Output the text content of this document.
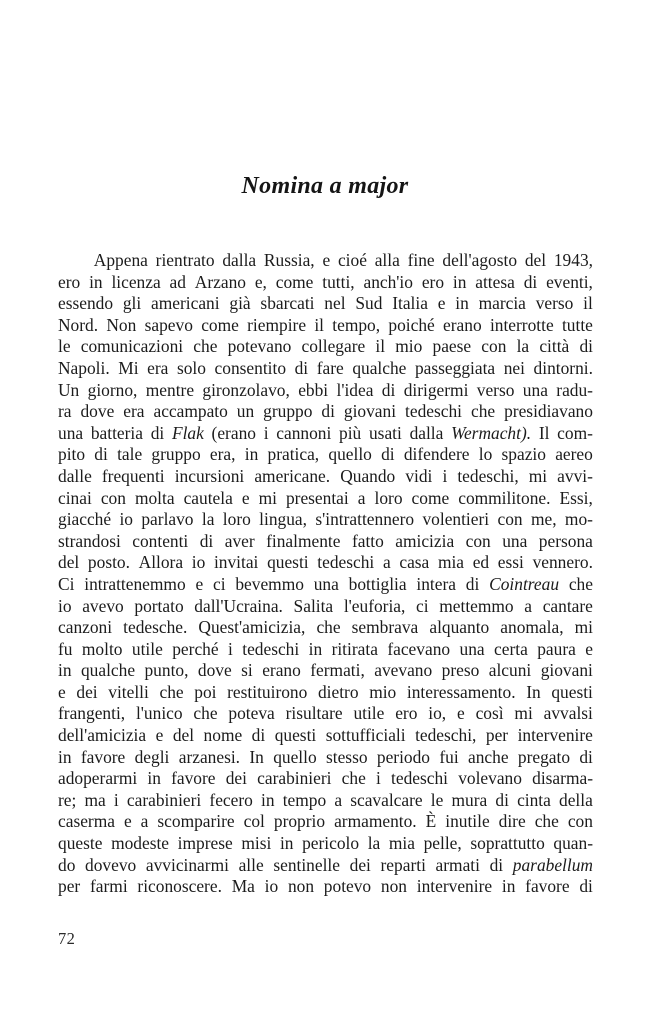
Nomina a major
Appena rientrato dalla Russia, e cioé alla fine dell'agosto del 1943,
ero in licenza ad Arzano e, come tutti, anch'io ero in attesa di eventi,
essendo gli americani già sbarcati nel Sud Italia e in marcia verso il
Nord. Non sapevo come riempire il tempo, poiché erano interrotte tutte
le comunicazioni che potevano collegare il mio paese con la città di
Napoli. Mi era solo consentito di fare qualche passeggiata nei dintorni.
Un giorno, mentre gironzolavo, ebbi l'idea di dirigermi verso una radu-
ra dove era accampato un gruppo di giovani tedeschi che presidiavano
una batteria di Flak (erano i cannoni più usati dalla Wermacht). Il com-
pito di tale gruppo era, in pratica, quello di difendere lo spazio aereo
dalle frequenti incursioni americane. Quando vidi i tedeschi, mi avvi-
cinai con molta cautela e mi presentai a loro come commilitone. Essi,
giacché io parlavo la loro lingua, s'intrattennero volentieri con me, mo-
strandosi contenti di aver finalmente fatto amicizia con una persona
del posto. Allora io invitai questi tedeschi a casa mia ed essi vennero.
Ci intrattenemmo e ci bevemmo una bottiglia intera di Cointreau che
io avevo portato dall'Ucraina. Salita l'euforia, ci mettemmo a cantare
canzoni tedesche. Quest'amicizia, che sembrava alquanto anomala, mi
fu molto utile perché i tedeschi in ritirata facevano una certa paura e
in qualche punto, dove si erano fermati, avevano preso alcuni giovani
e dei vitelli che poi restituirono dietro mio interessamento. In questi
frangenti, l'unico che poteva risultare utile ero io, e così mi avvalsi
dell'amicizia e del nome di questi sottufficiali tedeschi, per intervenire
in favore degli arzanesi. In quello stesso periodo fui anche pregato di
adoperarmi in favore dei carabinieri che i tedeschi volevano disarma-
re; ma i carabinieri fecero in tempo a scavalcare le mura di cinta della
caserma e a scomparire col proprio armamento. È inutile dire che con
queste modeste imprese misi in pericolo la mia pelle, soprattutto quan-
do dovevo avvicinarmi alle sentinelle dei reparti armati di parabellum
per farmi riconoscere. Ma io non potevo non intervenire in favore di
72
